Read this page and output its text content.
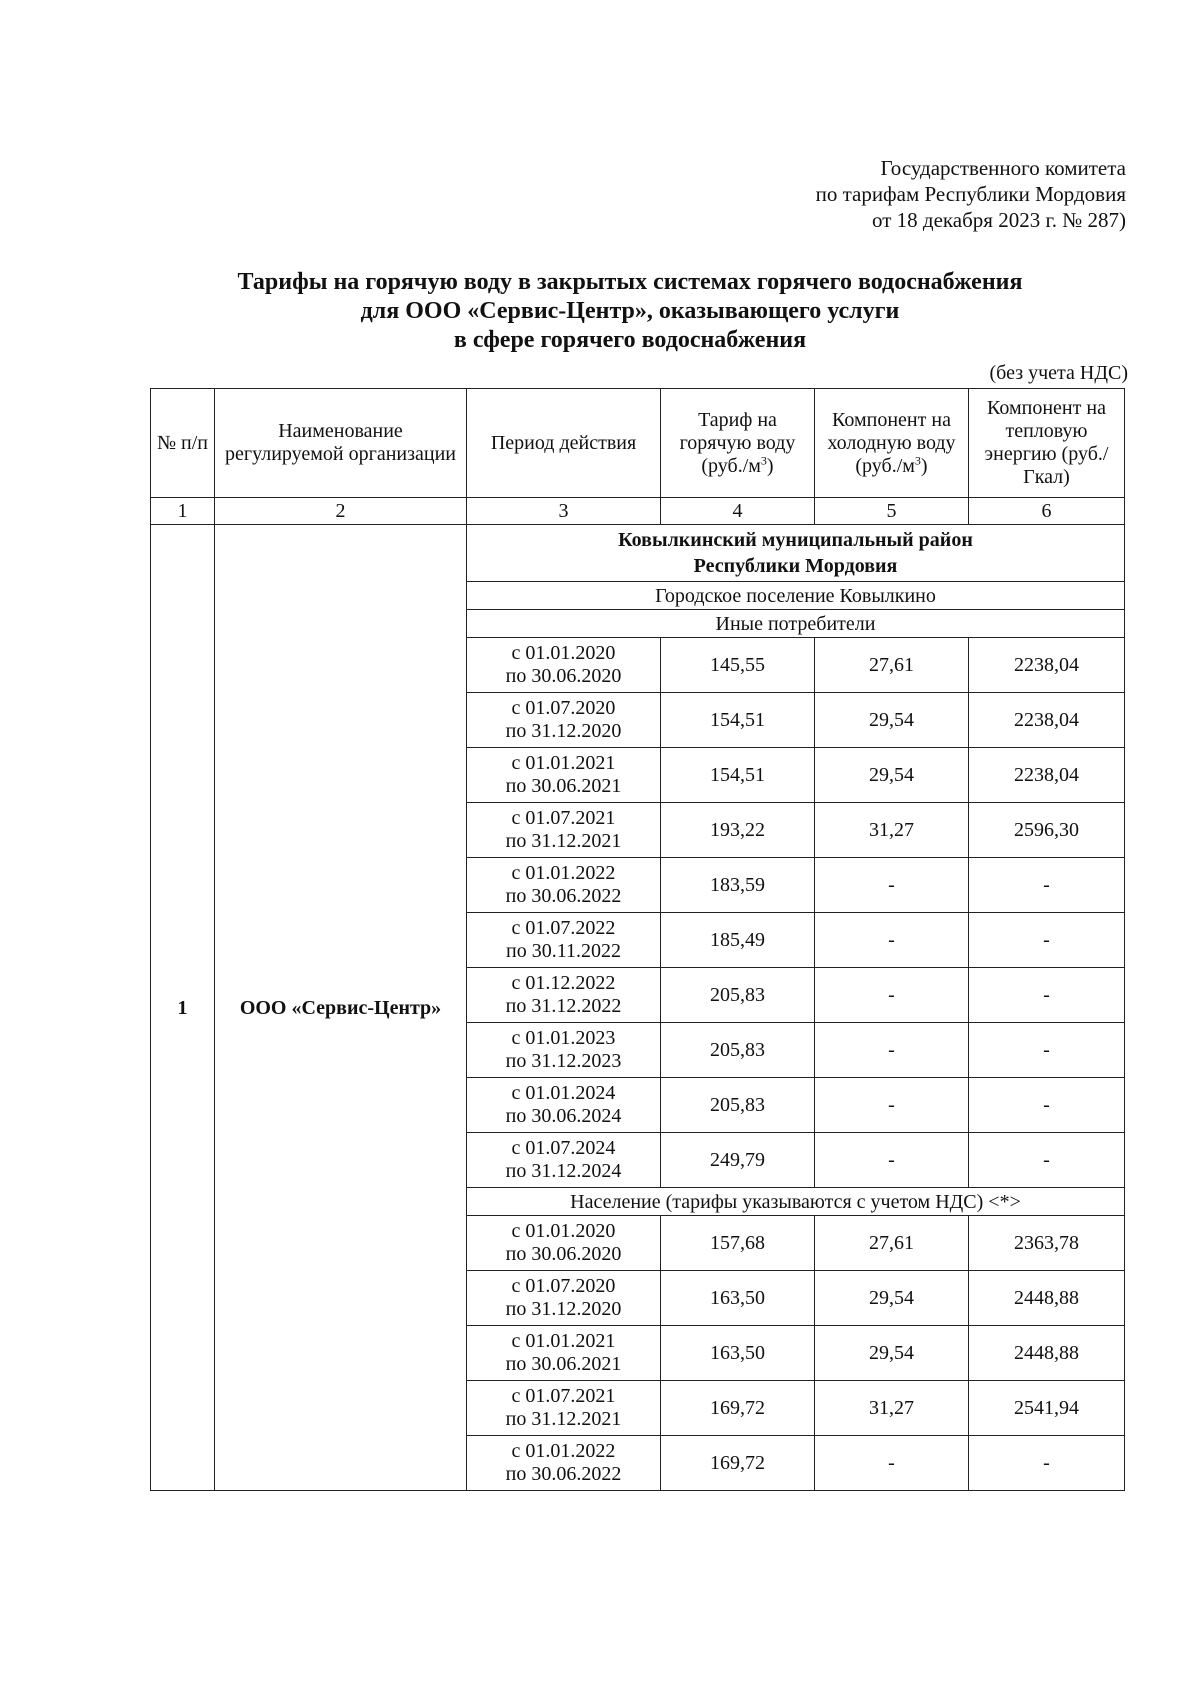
Государственного комитета
по тарифам Республики Мордовия
от 18 декабря 2023 г. № 287)
Тарифы на горячую воду в закрытых системах горячего водоснабжения
для ООО «Сервис-Центр», оказывающего услуги
в сфере горячего водоснабжения
(без учета НДС)
№ п/п	Наименование регулируемой организации	Период действия	Тариф на горячую воду $(руб./м^3)$	Компонент на холодную воду $(руб./м^3)$	Компонент на тепловую энергию (руб./Гкал)
1	2	3	4	5	6
1	ООО «Сервис-Центр»	Ковылкинский муниципальный район
Республики Мордовия			

		Городское поселение Ковылкино			
		Иные потребители			

		с 01.01.2020
по 30.06.2020	145,55	27,61	2238,04

		с 01.07.2020
по 31.12.2020	154,51	29,54	2238,04

		с 01.01.2021
по 30.06.2021	154,51	29,54	2238,04

		с 01.07.2021
по 31.12.2021	193,22	31,27	2596,30

		с 01.01.2022
по 30.06.2022	183,59	-	-

		с 01.07.2022
по 30.11.2022	185,49	-	-

		с 01.12.2022
по 31.12.2022	205,83	-	-

		с 01.01.2023
по 31.12.2023	205,83	-	-

		с 01.01.2024
по 30.06.2024	205,83	-	-

		с 01.07.2024
по 31.12.2024	249,79	-	-
		Население (тарифы указываются с учетом НДС) <*>			

		с 01.01.2020
по 30.06.2020	157,68	27,61	2363,78

		с 01.07.2020
по 31.12.2020	163,50	29,54	2448,88

		с 01.01.2021
по 30.06.2021	163,50	29,54	2448,88

		с 01.07.2021
по 31.12.2021	169,72	31,27	2541,94

		с 01.01.2022
по 30.06.2022	169,72	-	-
